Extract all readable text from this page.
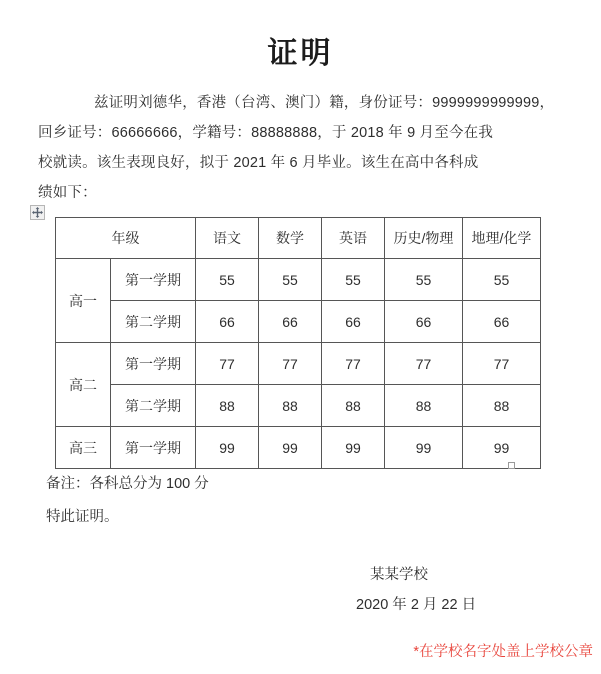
证明
兹证明刘德华，香港（台湾、澳门）籍，身份证号：9999999999999，
回乡证号：66666666，学籍号：88888888，于 2018 年 9 月至今在我
校就读。该生表现良好，拟于 2021 年 6 月毕业。该生在高中各科成
绩如下：
年级		语文	数学	英语	历史/物理	地理/化学
高一	第一学期	55	55	55	55	55
	第二学期	66	66	66	66	66
高二	第一学期	77	77	77	77	77
	第二学期	88	88	88	88	88
高三	第一学期	99	99	99	99	99
备注：各科总分为 100 分
特此证明。
某某学校
2020 年 2 月 22 日
*在学校名字处盖上学校公章
